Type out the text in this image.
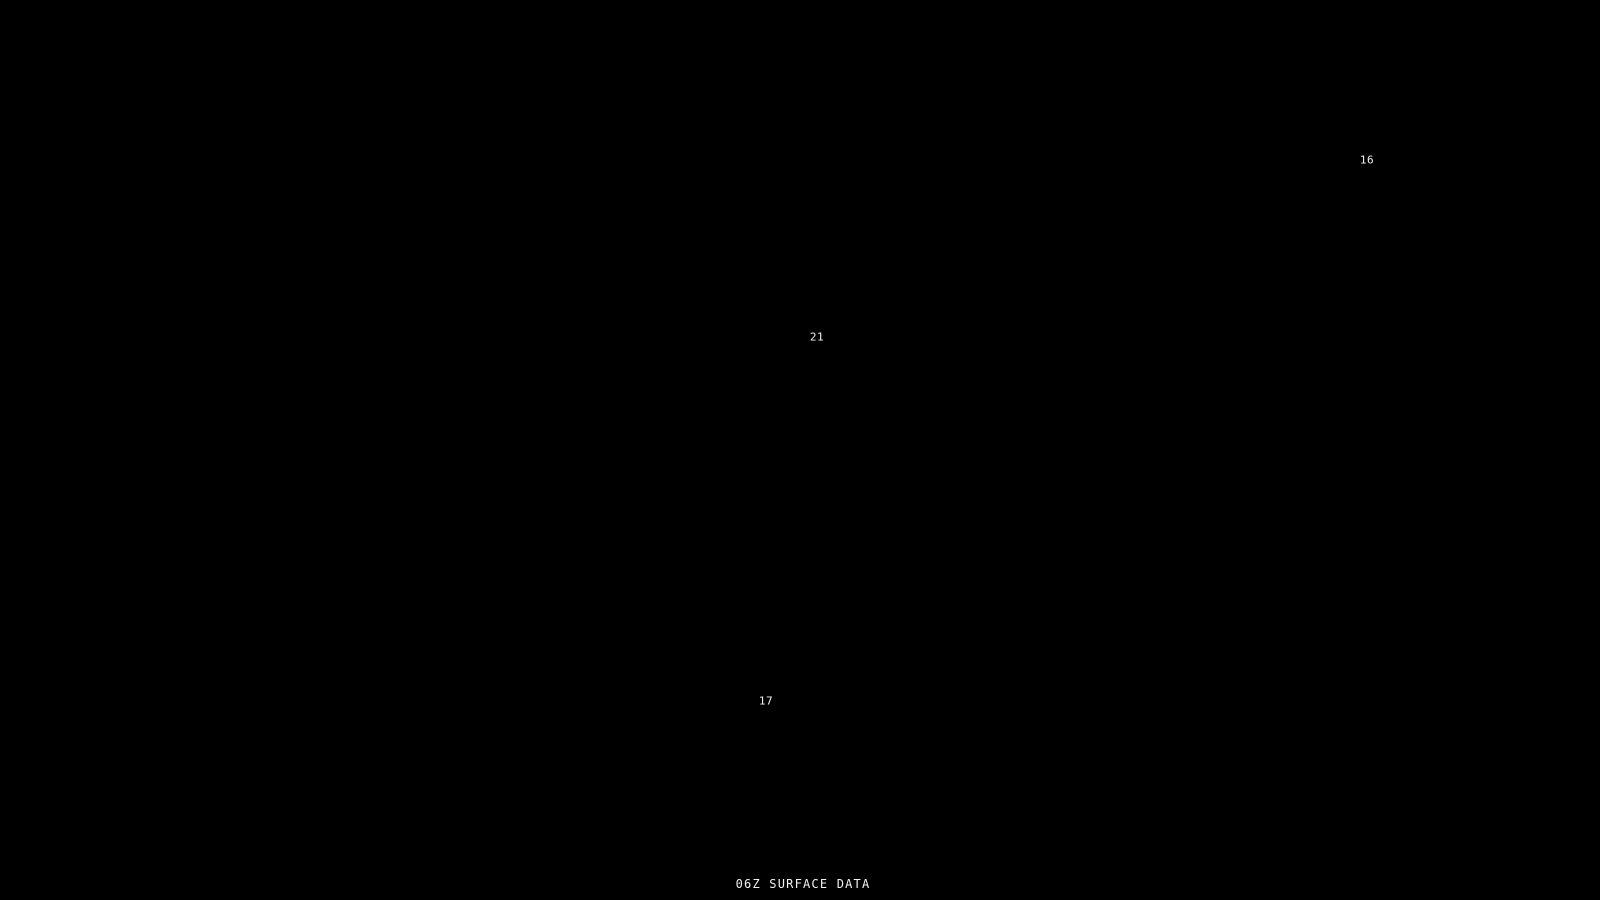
16
21
17
06Z SURFACE DATA
